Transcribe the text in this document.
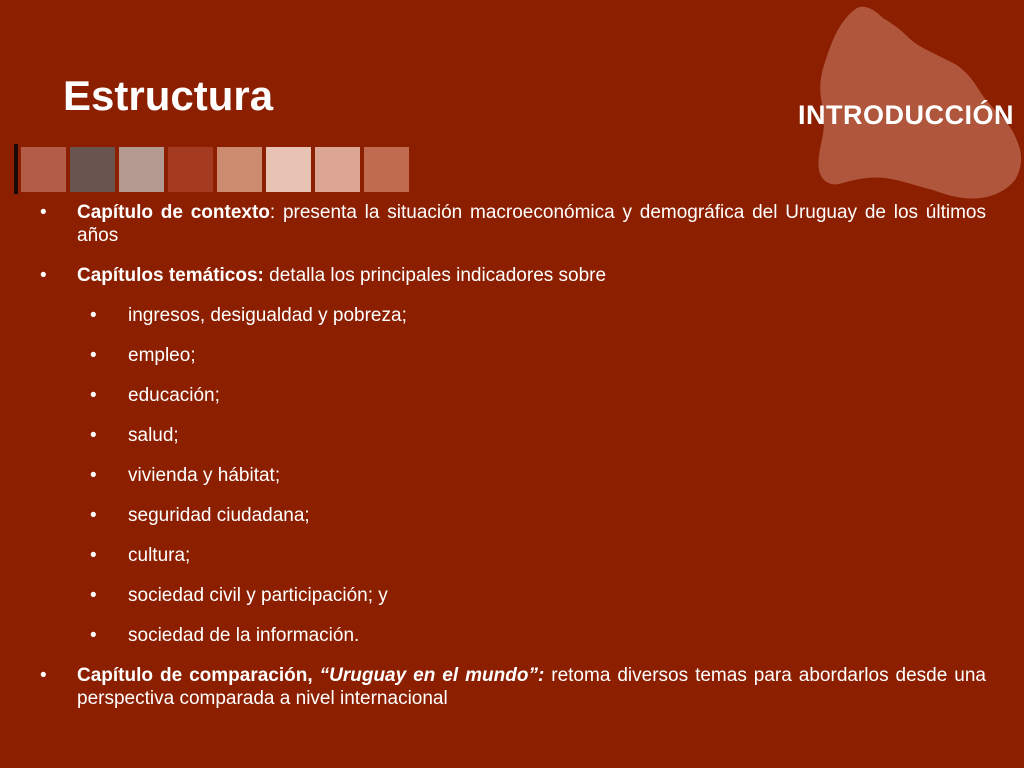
Estructura	INTRODUCCIÓN
• Capítulo de contexto: presenta la situación macroeconómica y demográfica del Uruguay de los últimos años
• Capítulos temáticos: detalla los principales indicadores sobre
• ingresos, desigualdad y pobreza;
• empleo;
• educación;
• salud;
• vivienda y hábitat;
• seguridad ciudadana;
• cultura;
• sociedad civil y participación; y
• sociedad de la información.
• Capítulo de comparación, “Uruguay en el mundo”: retoma diversos temas para abordarlos desde una perspectiva comparada a nivel internacional
